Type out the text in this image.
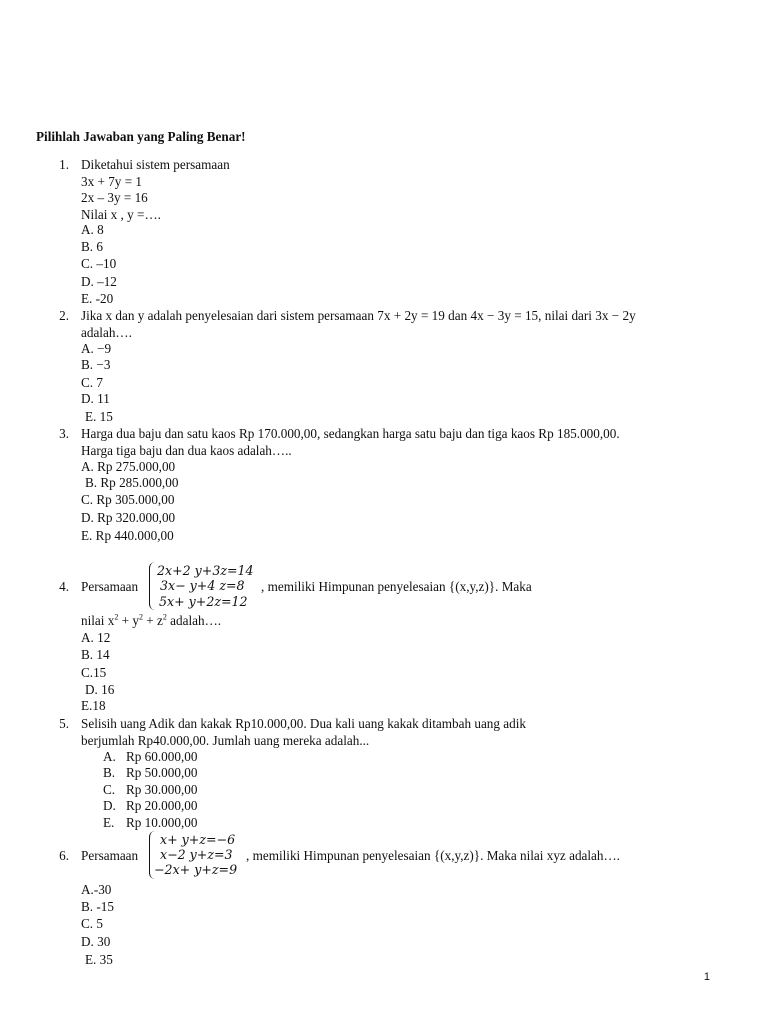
Pilihlah Jawaban yang Paling Benar!
1. Diketahui sistem persamaan
3x + 7y = 1
2x – 3y = 16
Nilai x , y =….
A. 8
B. 6
C. –10
D. –12
E. -20
2. Jika x dan y adalah penyelesaian dari sistem persamaan 7x + 2y = 19 dan 4x − 3y = 15, nilai dari 3x − 2y
adalah….
A. −9
B. −3
C. 7
D. 11
E. 15
3. Harga dua baju dan satu kaos Rp 170.000,00, sedangkan harga satu baju dan tiga kaos Rp 185.000,00.
Harga tiga baju dan dua kaos adalah…..
A. Rp 275.000,00
B. Rp 285.000,00
C. Rp 305.000,00
D. Rp 320.000,00
E. Rp 440.000,00
4. Persamaan
2x+2 y+3z=14
3x− y+4 z=8
5x+ y+2z=12
, memiliki Himpunan penyelesaian {(x,y,z)}. Maka
nilai $x^2 + y^2 + z^2$ adalah….
A. 12
B. 14
C.15
D. 16
E.18
5. Selisih uang Adik dan kakak Rp10.000,00. Dua kali uang kakak ditambah uang adik
berjumlah Rp40.000,00. Jumlah uang mereka adalah...
A. Rp 60.000,00
B. Rp 50.000,00
C. Rp 30.000,00
D. Rp 20.000,00
E. Rp 10.000,00
6. Persamaan
x+ y+z=−6
x−2 y+z=3
−2x+ y+z=9
, memiliki Himpunan penyelesaian {(x,y,z)}. Maka nilai xyz adalah….
A.-30
B. -15
C. 5
D. 30
E. 35
1
